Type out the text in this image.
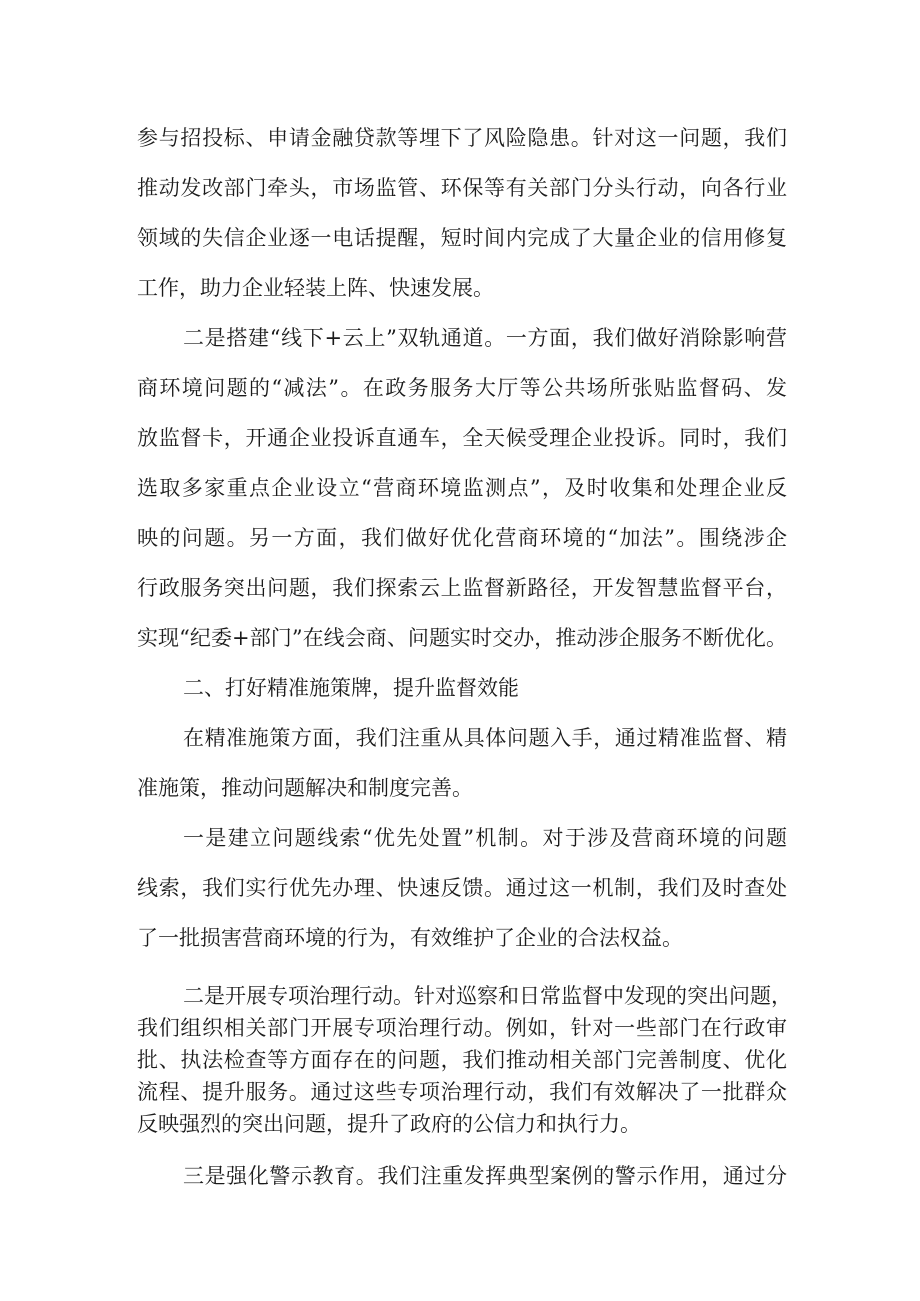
参与招投标、申请金融贷款等埋下了风险隐患。针对这一问题，我们

推动发改部门牵头，市场监管、环保等有关部门分头行动，向各行业

领域的失信企业逐一电话提醒，短时间内完成了大量企业的信用修复

工作，助力企业轻装上阵、快速发展。

二是搭建“线下+云上”双轨通道。一方面，我们做好消除影响营

商环境问题的“减法”。在政务服务大厅等公共场所张贴监督码、发

放监督卡，开通企业投诉直通车，全天候受理企业投诉。同时，我们

选取多家重点企业设立“营商环境监测点”，及时收集和处理企业反

映的问题。另一方面，我们做好优化营商环境的“加法”。围绕涉企

行政服务突出问题，我们探索云上监督新路径，开发智慧监督平台，

实现“纪委+部门”在线会商、问题实时交办，推动涉企服务不断优化。

二、打好精准施策牌，提升监督效能

在精准施策方面，我们注重从具体问题入手，通过精准监督、精

准施策，推动问题解决和制度完善。

一是建立问题线索“优先处置”机制。对于涉及营商环境的问题

线索，我们实行优先办理、快速反馈。通过这一机制，我们及时查处

了一批损害营商环境的行为，有效维护了企业的合法权益。

二是开展专项治理行动。针对巡察和日常监督中发现的突出问题，

我们组织相关部门开展专项治理行动。例如，针对一些部门在行政审

批、执法检查等方面存在的问题，我们推动相关部门完善制度、优化

流程、提升服务。通过这些专项治理行动，我们有效解决了一批群众

反映强烈的突出问题，提升了政府的公信力和执行力。

三是强化警示教育。我们注重发挥典型案例的警示作用，通过分
